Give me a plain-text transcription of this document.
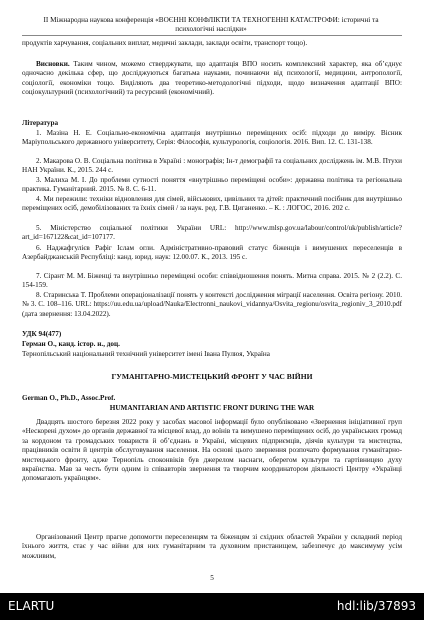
II Міжнародна наукова конференція «ВОЄННІ КОНФЛІКТИ ТА ТЕХНОГЕННІ КАТАСТРОФИ: історичні та психологічні наслідки»
продуктів харчування, соціальних виплат, медичні заклади, заклади освіти, транспорт тощо).
Висновки. Таким чином, можемо стверджувати, що адаптація ВПО носить комплексний характер, яка об’єднує одночасно декілька сфер, що досліджуються багатьма науками, починаючи від психології, медицини, антропології, соціології, економіки тощо. Виділяють два теоретико-методологічні підходи, щодо визначення адаптації ВПО: соціокультурний (психологічний) та ресурсний (економічний).
Література
1. Мазіна Н. Е. Соціально-економічна адаптація внутрішньо переміщених осіб: підходи до виміру. Вісник Маріупольського державного університету, Серія: Філософія, культурологія, соціологія. 2016. Вип. 12. С. 131-138.
2. Макарова О. В. Соціальна політика в Україні : монографія; Ін-т демографії та соціальних досліджень ім. М.В. Птухи НАН України. К., 2015. 244 с.
3. Малиха М. І. До проблеми сутності поняття «внутрішньо переміщені особи»: державна політика та регіональна практика. Гуманітарний. 2015. № 8. С. 6-11.
4. Ми пережили: техніки відновлення для сімей, військових, цивільних та дітей: практичний посібник для внутрішньо переміщених осіб, демобілізованих та їхніх сімей / за наук. ред. Г.В. Циганенко. – К. : ЛОГОС, 2016. 202 с.
5. Міністерство соціальної політики України URL: http://www.mlsp.gov.ua/labour/control/uk/publish/article?art_id=167122&cat_id=107177.
6. Наджафгулієв Рафіг Іслам огли. Адміністративно-правовий статус біженців і вимушених переселенців в Азербайджанській Республіці: канд. юрид. наук: 12.00.07. К., 2013. 195 с.
7. Сірант М. М. Біженці та внутрішньо переміщені особи: співвідношення понять. Митна справа. 2015. № 2 (2.2). С. 154-159.
8. Старинська Т. Проблеми операціоналізації понять у контексті дослідження міграції населення. Освіта регіону. 2010. № 3. С. 108–116. URL: https://uu.edu.ua/upload/Nauka/Electronni_naukovi_vidannya/Osvita_regionu/osvita_regioniv_3_2010.pdf (дата звернення: 13.04.2022).
УДК 94(477)
Герман О., канд. істор. н., доц.
Тернопільський національний технічний університет імені Івана Пулюя, Україна
ГУМАНІТАРНО-МИСТЕЦЬКИЙ ФРОНТ У ЧАС ВІЙНИ
German O., Ph.D., Assoc.Prof.
HUMANITARIAN AND ARTISTIC FRONT DURING THE WAR
Двадцять шостого березня 2022 року у засобах масової інформації було опубліковано «Звернення ініціативної груп «Нескорені духом» до органів державної та місцевої влад, до воїнів та вимушено переміщених осіб, до українських громад за кордоном та громадських товариств й об’єднань в Україні, місцевих підприємців, діячів культури та мистецтва, працівників освіти й центрів обслуговування населення. На основі цього звернення розпочато формування гуманітарно-мистецького фронту, адже Тернопіль споконвіків був джерелом наснаги, оберегом культури та гартівницею духу вкраїнства. Мав за честь бути одним із співавторів звернення та творчим координатором діяльності Центру «Українці допомагають українцям».
Організований Центр прагне допомогти переселенцям та біженцям зі східних областей України у складний період їхнього життя, стає у час війни для них гуманітарним та духовним пристанищем, забезпечує до максимуму усім можливим,
5
ELARTU	hdl:lib/37893
